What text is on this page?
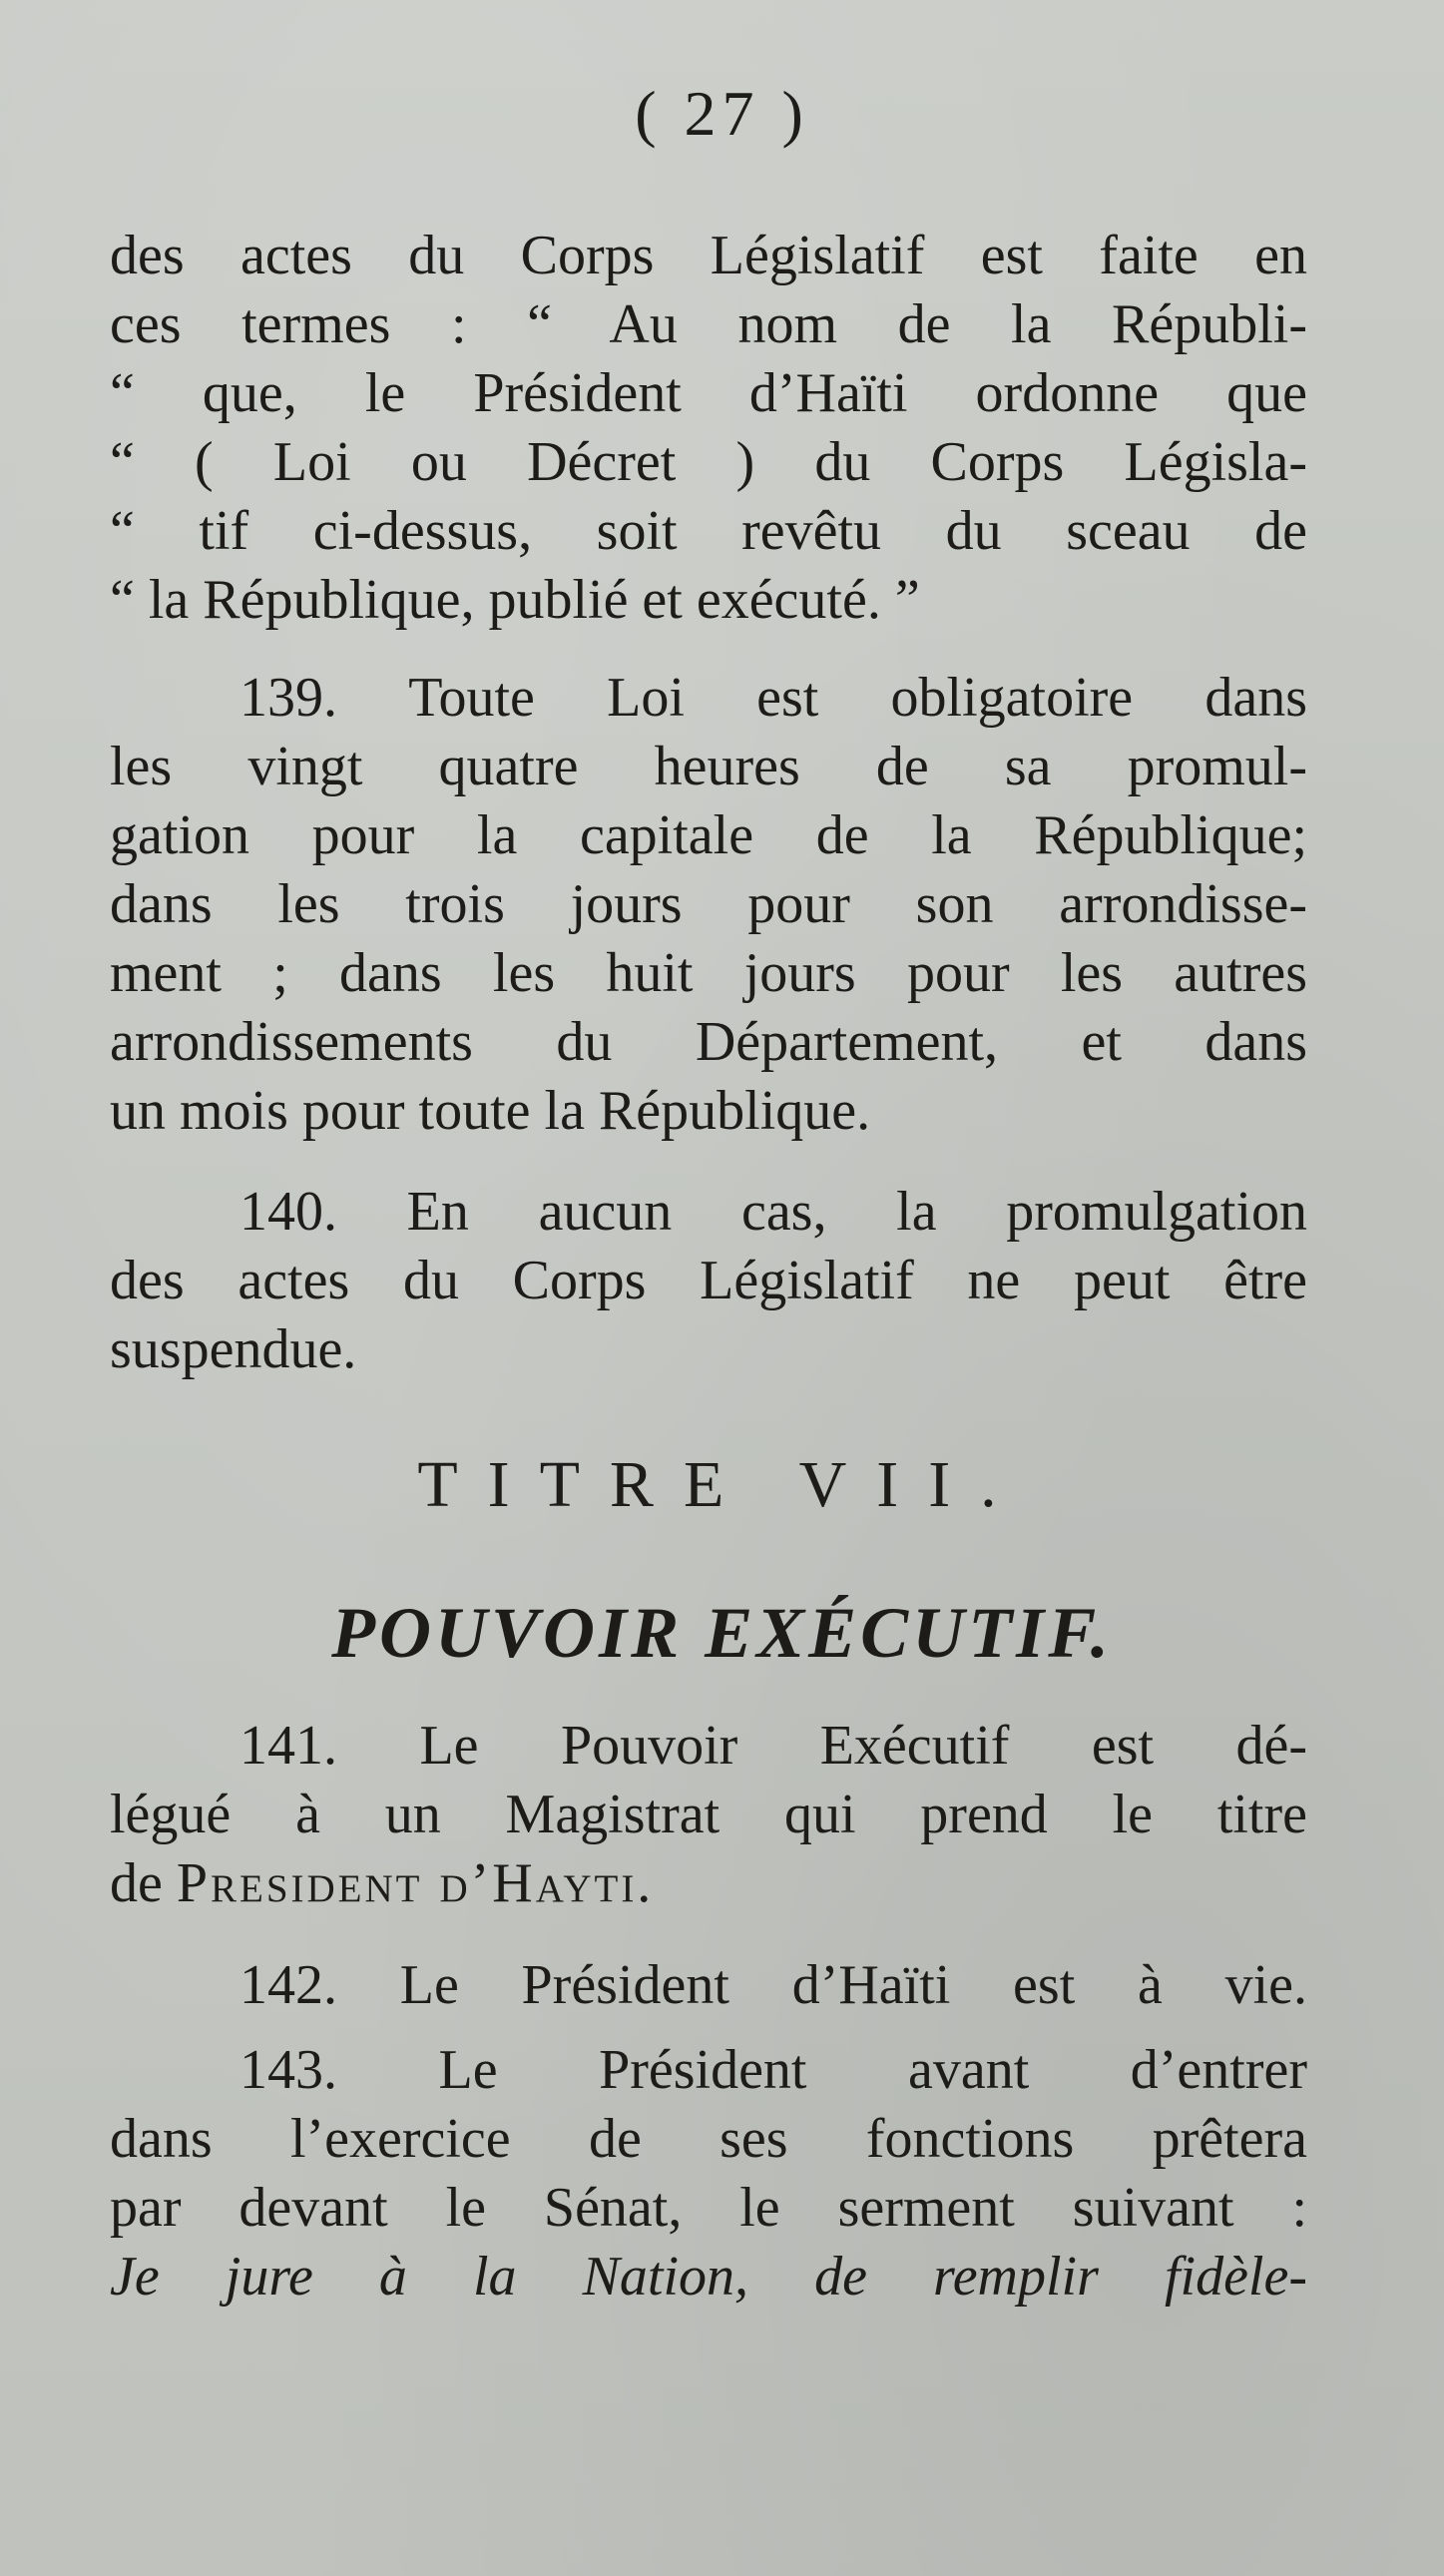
( 27 )
des actes du Corps Législatif est faite en
ces termes : “ Au nom de la Républi-
“ que, le Président d’Haïti ordonne que
“ ( Loi ou Décret ) du Corps Législa-
“ tif ci-dessus, soit revêtu du sceau de
“ la République, publié et exécuté. ”
139. Toute Loi est obligatoire dans
les vingt quatre heures de sa promul-
gation pour la capitale de la République;
dans les trois jours pour son arrondisse-
ment ; dans les huit jours pour les autres
arrondissements du Département, et dans
un mois pour toute la République.
140. En aucun cas, la promulgation
des actes du Corps Législatif ne peut être
suspendue.
TITRE VII.
POUVOIR EXÉCUTIF.
141. Le Pouvoir Exécutif est dé-
légué à un Magistrat qui prend le titre
de President d’Hayti.
142. Le Président d’Haïti est à vie.
143. Le Président avant d’entrer
dans l’exercice de ses fonctions prêtera
par devant le Sénat, le serment suivant :
Je jure à la Nation, de remplir fidèle-
